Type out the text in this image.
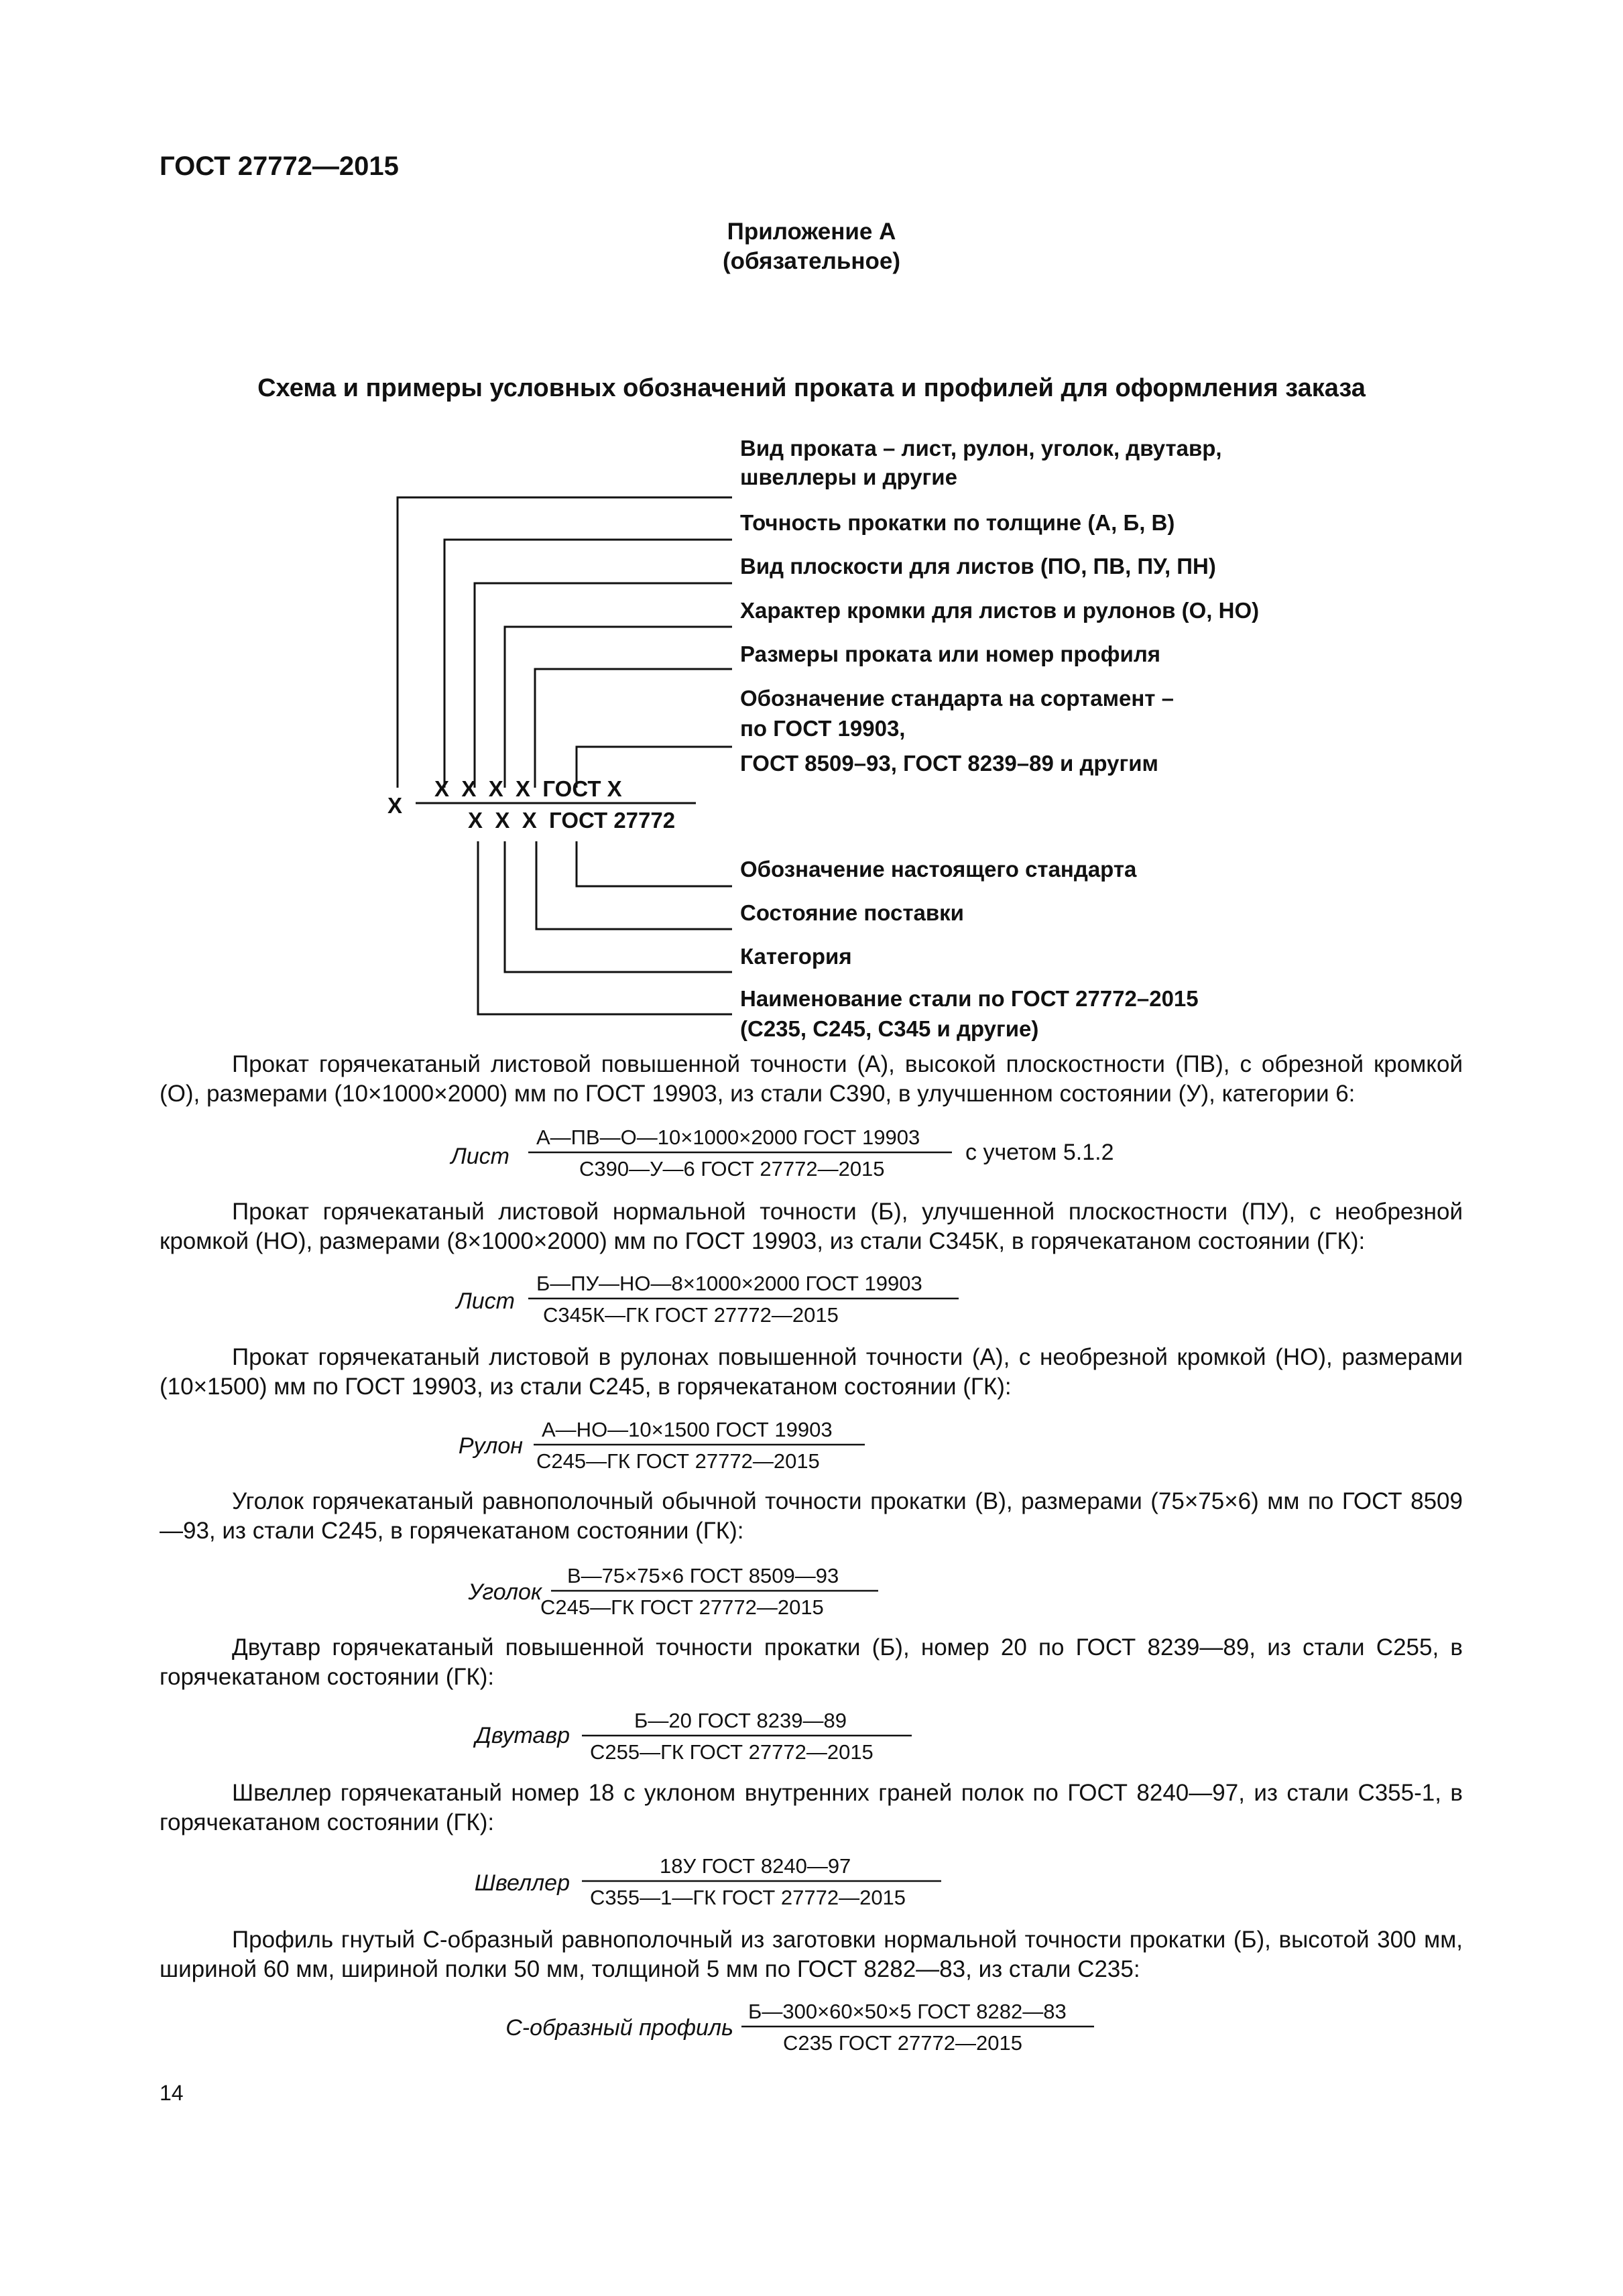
ГОСТ 27772—2015
Приложение А
(обязательное)
Схема и примеры условных обозначений проката и профилей для оформления заказа
Вид проката – лист, рулон, уголок, двутавр,
швеллеры и другие
Точность прокатки по толщине (А, Б, В)
Вид плоскости для листов (ПО, ПВ, ПУ, ПН)
Характер кромки для листов и рулонов (О, НО)
Размеры проката или номер профиля
Обозначение стандарта на сортамент –
по ГОСТ 19903,
ГОСТ 8509–93, ГОСТ 8239–89 и другим
Обозначение настоящего стандарта
Состояние поставки
Категория
Наименование стали по ГОСТ 27772–2015
(С235, С245, С345 и другие)
Х
Х  Х  Х  Х  ГОСТ Х
Х  Х  Х  ГОСТ 27772
Прокат горячекатаный листовой повышенной точности (А), высокой плоскостности (ПВ), с обрезной кромкой (О), размерами (10×1000×2000) мм по ГОСТ 19903, из стали С390, в улучшенном состоянии (У), категории 6:
Лист
А—ПВ—О—10×1000×2000 ГОСТ 19903
С390—У—6 ГОСТ 27772—2015
с учетом 5.1.2
Прокат горячекатаный листовой нормальной точности (Б), улучшенной плоскостности (ПУ), с необрезной кромкой (НО), размерами (8×1000×2000) мм по ГОСТ 19903, из стали С345К, в горячекатаном состоянии (ГК):
Лист
Б—ПУ—НО—8×1000×2000 ГОСТ 19903
С345К—ГК ГОСТ 27772—2015
Прокат горячекатаный листовой в рулонах повышенной точности (А), с необрезной кромкой (НО), размерами (10×1500) мм по ГОСТ 19903, из стали С245, в горячекатаном состоянии (ГК):
Рулон
А—НО—10×1500 ГОСТ 19903
С245—ГК ГОСТ 27772—2015
Уголок горячекатаный равнополочный обычной точности прокатки (В), размерами (75×75×6) мм по ГОСТ 8509—93, из стали С245, в горячекатаном состоянии (ГК):
Уголок
В—75×75×6 ГОСТ 8509—93
С245—ГК ГОСТ 27772—2015
Двутавр горячекатаный повышенной точности прокатки (Б), номер 20 по ГОСТ 8239—89, из стали С255, в горячекатаном состоянии (ГК):
Двутавр
Б—20 ГОСТ 8239—89
С255—ГК ГОСТ 27772—2015
Швеллер горячекатаный номер 18 с уклоном внутренних граней полок по ГОСТ 8240—97, из стали С355-1, в горячекатаном состоянии (ГК):
Швеллер
18У ГОСТ 8240—97
С355—1—ГК ГОСТ 27772—2015
Профиль гнутый С-образный равнополочный из заготовки нормальной точности прокатки (Б), высотой 300 мм, шириной 60 мм, шириной полки 50 мм, толщиной 5 мм по ГОСТ 8282—83, из стали С235:
С-образный профиль
Б—300×60×50×5 ГОСТ 8282—83
С235 ГОСТ 27772—2015
14
